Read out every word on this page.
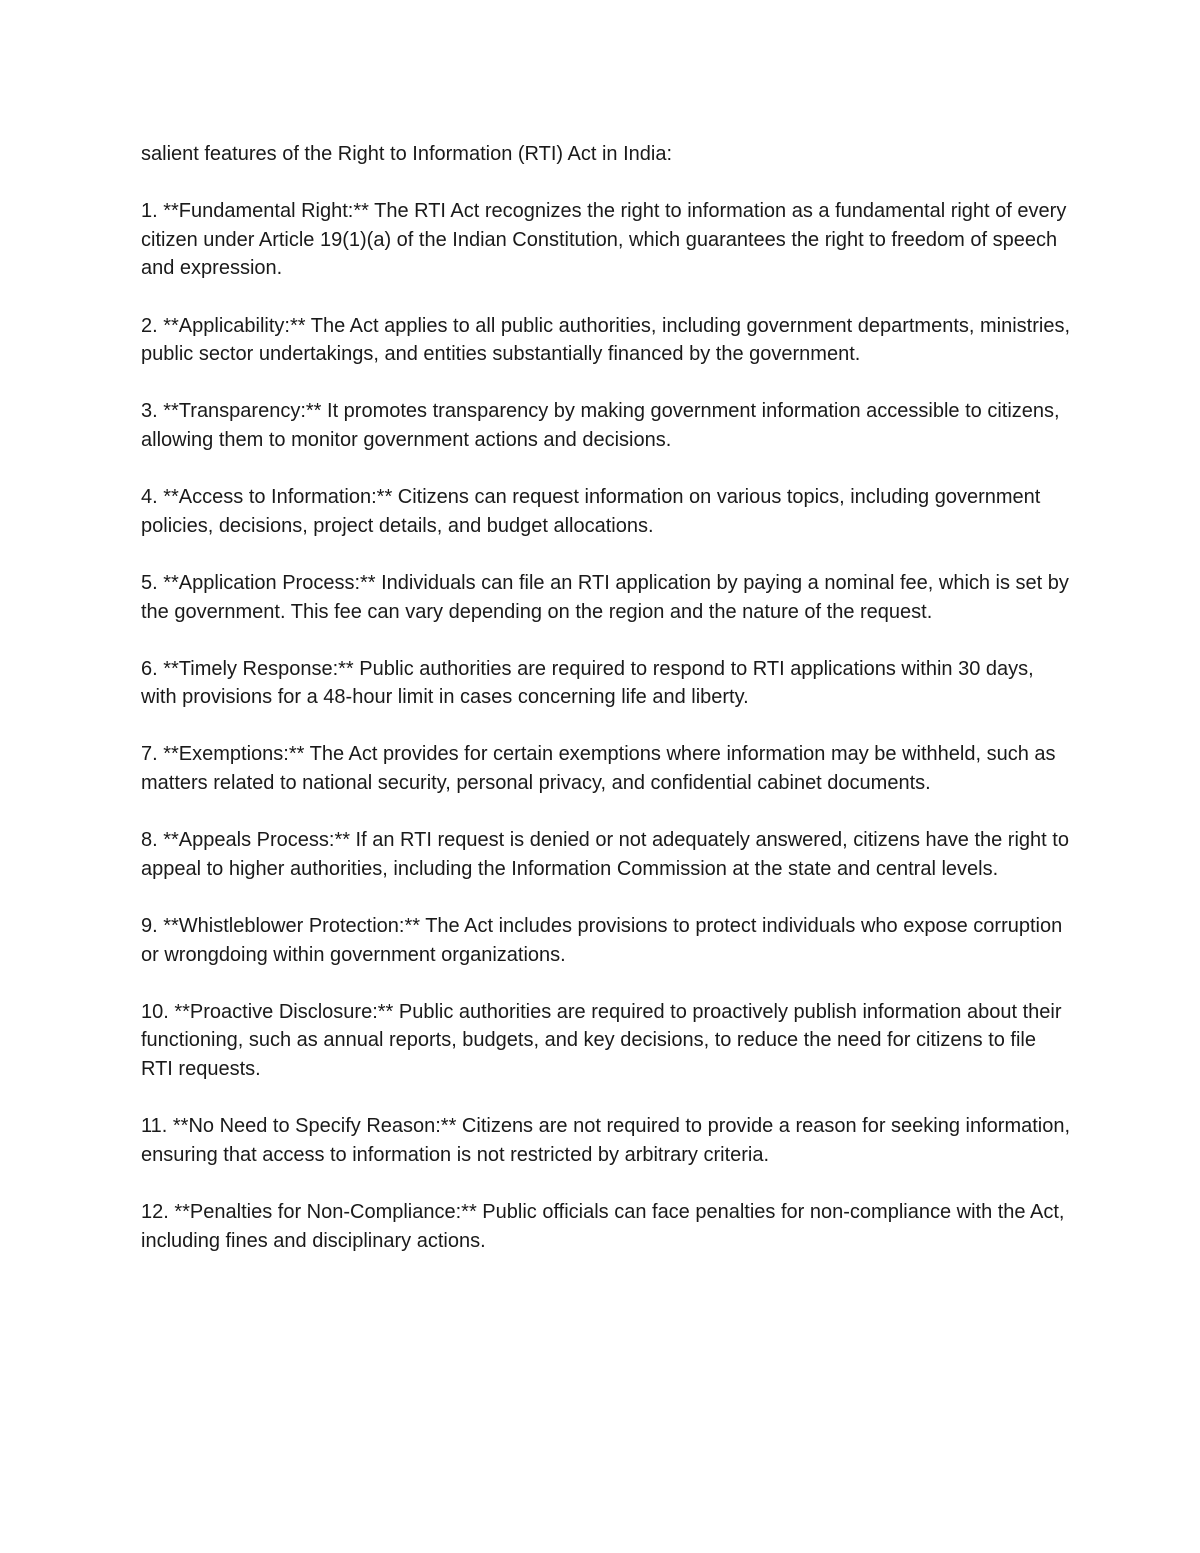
salient features of the Right to Information (RTI) Act in India:

1. **Fundamental Right:** The RTI Act recognizes the right to information as a fundamental right of every citizen under Article 19(1)(a) of the Indian Constitution, which guarantees the right to freedom of speech and expression.

2. **Applicability:** The Act applies to all public authorities, including government departments, ministries, public sector undertakings, and entities substantially financed by the government.

3. **Transparency:** It promotes transparency by making government information accessible to citizens, allowing them to monitor government actions and decisions.

4. **Access to Information:** Citizens can request information on various topics, including government policies, decisions, project details, and budget allocations.

5. **Application Process:** Individuals can file an RTI application by paying a nominal fee, which is set by the government. This fee can vary depending on the region and the nature of the request.

6. **Timely Response:** Public authorities are required to respond to RTI applications within 30 days, with provisions for a 48-hour limit in cases concerning life and liberty.

7. **Exemptions:** The Act provides for certain exemptions where information may be withheld, such as matters related to national security, personal privacy, and confidential cabinet documents.

8. **Appeals Process:** If an RTI request is denied or not adequately answered, citizens have the right to appeal to higher authorities, including the Information Commission at the state and central levels.

9. **Whistleblower Protection:** The Act includes provisions to protect individuals who expose corruption or wrongdoing within government organizations.

10. **Proactive Disclosure:** Public authorities are required to proactively publish information about their functioning, such as annual reports, budgets, and key decisions, to reduce the need for citizens to file RTI requests.

11. **No Need to Specify Reason:** Citizens are not required to provide a reason for seeking information, ensuring that access to information is not restricted by arbitrary criteria.

12. **Penalties for Non-Compliance:** Public officials can face penalties for non-compliance with the Act, including fines and disciplinary actions.
